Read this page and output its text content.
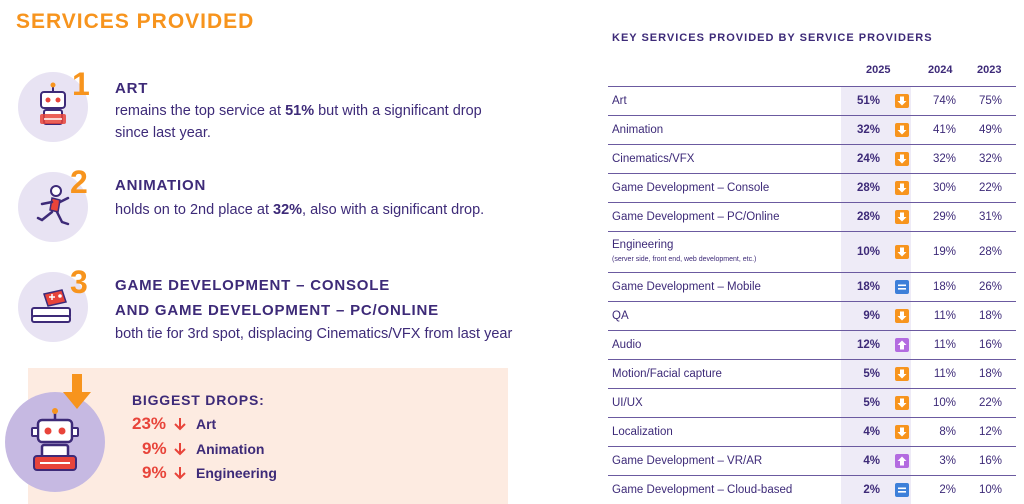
SERVICES PROVIDED
1 ART
remains the top service at 51% but with a significant drop since last year.
2 ANIMATION
holds on to 2nd place at 32%, also with a significant drop.
3 GAME DEVELOPMENT – CONSOLE
AND GAME DEVELOPMENT – PC/ONLINE
both tie for 3rd spot, displacing Cinematics/VFX from last year
BIGGEST DROPS:
23% Art
9% Animation
9% Engineering
KEY SERVICES PROVIDED BY SERVICE PROVIDERS
2025	2024 2023
Art	51%	74%	75%
Animation	32%	41%	49%
Cinematics/VFX	24%	32%	32%
Game Development – Console	28%	30%	22%
Game Development – PC/Online	28%	29%	31%
Engineering
(server side, front end, web development, etc.)
10%	19%	28%
Game Development – Mobile	18%	18%	26%
QA	9%	11%	18%
Audio	12%	11%	16%
Motion/Facial capture	5%	11%	18%
UI/UX	5%	10%	22%
Localization	4%	8%	12%
Game Development – VR/AR	4%	3%	16%
Game Development – Cloud-based	2%	2%	10%
